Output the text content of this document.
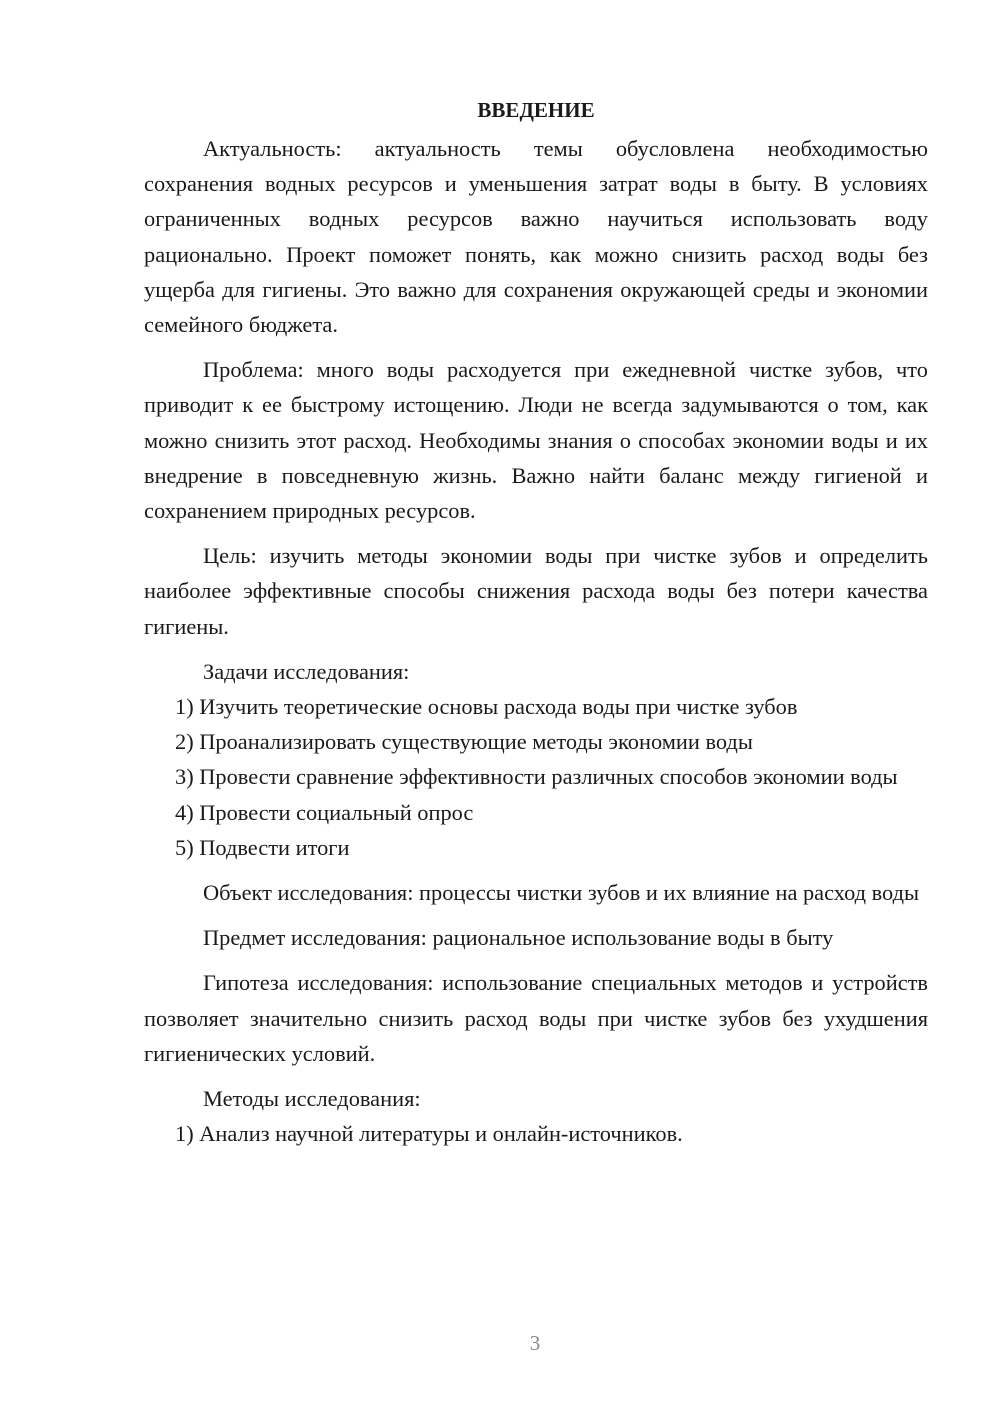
ВВЕДЕНИЕ

Актуальность: актуальность темы обусловлена необходимостью сохранения водных ресурсов и уменьшения затрат воды в быту. В условиях ограниченных водных ресурсов важно научиться использовать воду рационально. Проект поможет понять, как можно снизить расход воды без ущерба для гигиены. Это важно для сохранения окружающей среды и экономии семейного бюджета.

Проблема: много воды расходуется при ежедневной чистке зубов, что приводит к ее быстрому истощению. Люди не всегда задумываются о том, как можно снизить этот расход. Необходимы знания о способах экономии воды и их внедрение в повседневную жизнь. Важно найти баланс между гигиеной и сохранением природных ресурсов.

Цель: изучить методы экономии воды при чистке зубов и определить наиболее эффективные способы снижения расхода воды без потери качества гигиены.

Задачи исследования:

1) Изучить теоретические основы расхода воды при чистке зубов

2) Проанализировать существующие методы экономии воды

3) Провести сравнение эффективности различных способов экономии воды

4) Провести социальный опрос

5) Подвести итоги

Объект исследования: процессы чистки зубов и их влияние на расход воды

Предмет исследования: рациональное использование воды в быту

Гипотеза исследования: использование специальных методов и устройств позволяет значительно снизить расход воды при чистке зубов без ухудшения гигиенических условий.

Методы исследования:

1) Анализ научной литературы и онлайн-источников.

3
